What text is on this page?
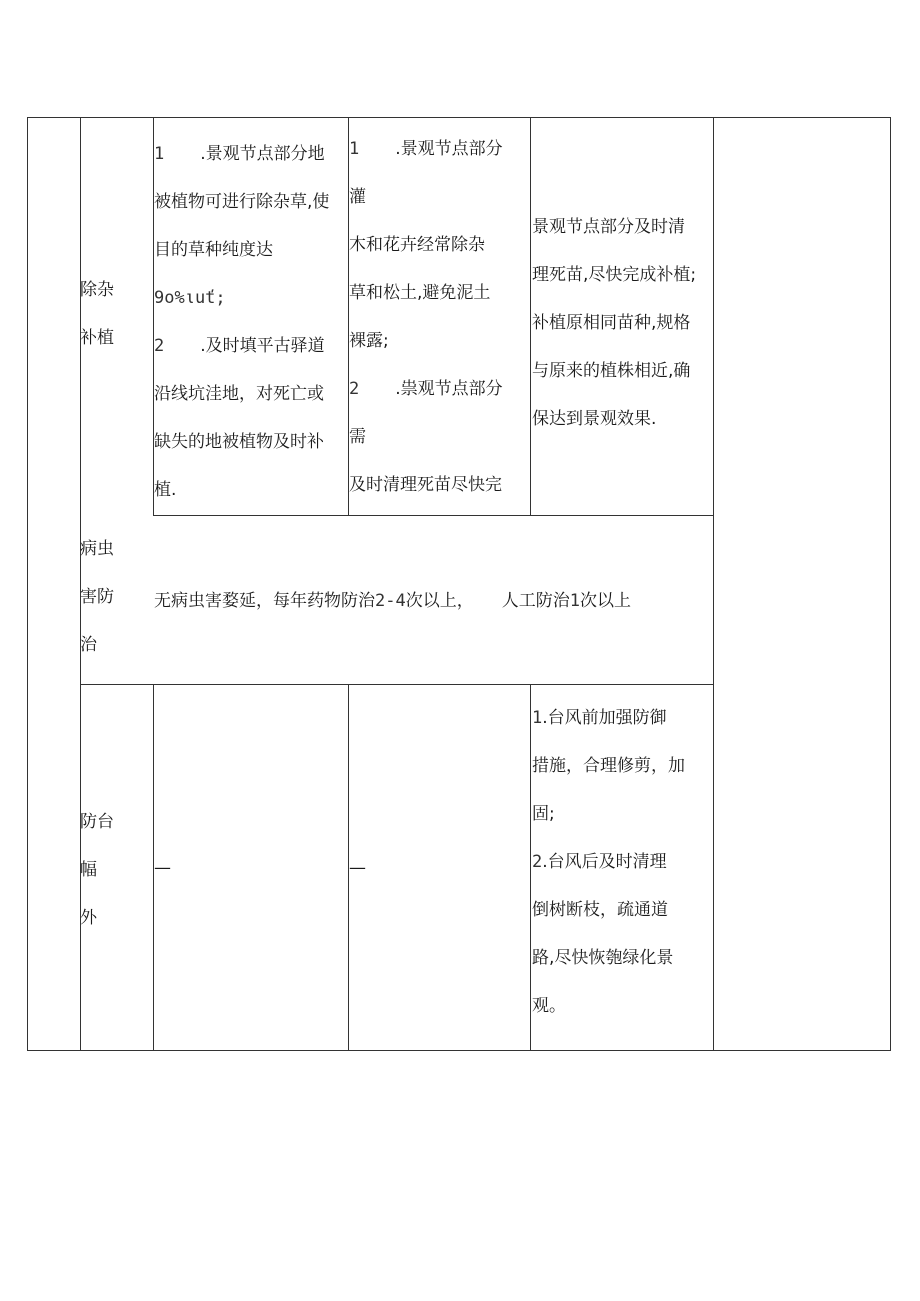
除杂
补植
1 .景观节点部分地
被植物可进行除杂草,使
目的草种纯度达
9o%ιuť;
2 .及时填平古驿道
沿线坑洼地，对死亡或
缺失的地被植物及时补
植.
1 .景观节点部分
灌
木和花卉经常除杂
草和松土,避免泥土
裸露;
2 .祟观节点部分
需
及时清理死苗尽快完
景观节点部分及时清
理死苗,尽快完成补植;
补植原相同苗种,规格
与原来的植株相近,确
保达到景观效果.
病虫
害防
治
无病虫害婺延，每年药物防治2-4次以上， 人工防治1次以上
防台
幅
外
—	—
1.台风前加强防御
措施，合理修剪，加
固;
2.台风后及时清理
倒树断枝，疏通道
路,尽快恢匏绿化景
观。
